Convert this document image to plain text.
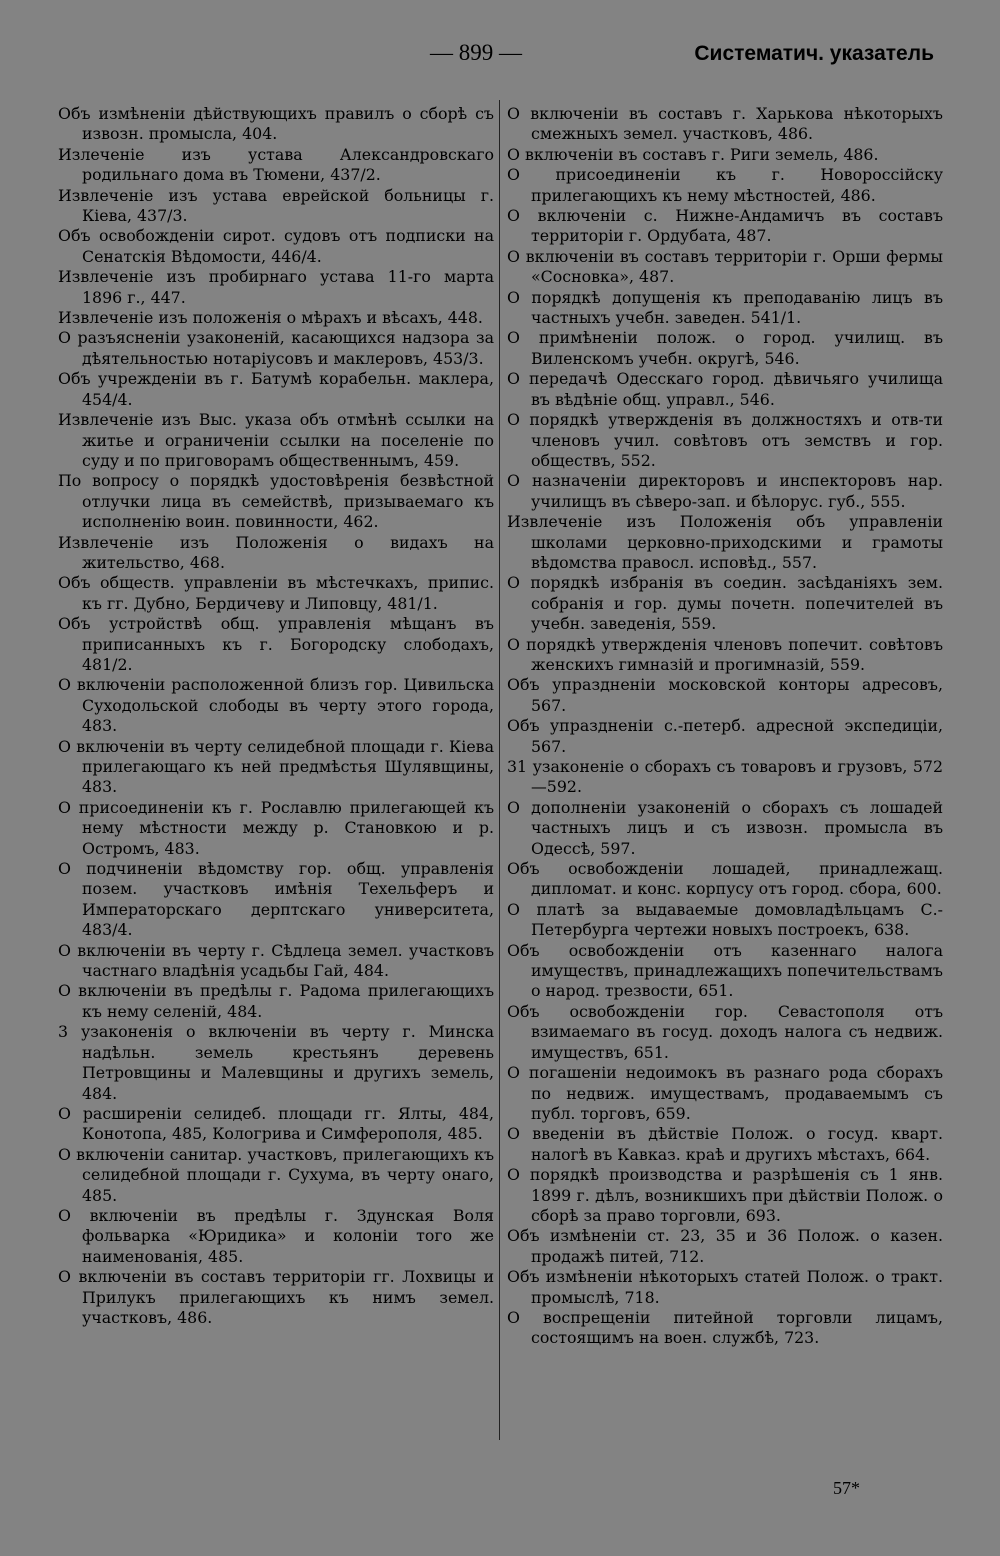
— 899 —	Систематич. указатель
Объ измѣненіи дѣйствующихъ правилъ о сборѣ съ извозн. промысла, 404.
Излеченіе изъ устава Александровскаго родильнаго дома въ Тюмени, 437/2.
Извлеченіе изъ устава еврейской больницы г. Кіева, 437/3.
Объ освобожденіи сирот. судовъ отъ подписки на Сенатскія Вѣдомости, 446/4.
Извлеченіе изъ пробирнаго устава 11-го марта 1896 г., 447.
Извлеченіе изъ положенія о мѣрахъ и вѣсахъ, 448.
О разъясненіи узаконеній, касающихся надзора за дѣятельностью нотаріусовъ и маклеровъ, 453/3.
Объ учрежденіи въ г. Батумѣ корабельн. маклера, 454/4.
Извлеченіе изъ Выс. указа объ отмѣнѣ ссылки на житье и ограниченіи ссылки на поселеніе по суду и по приговорамъ общественнымъ, 459.
По вопросу о порядкѣ удостовѣренія безвѣстной отлучки лица въ семействѣ, призываемаго къ исполненію воин. повинности, 462.
Извлеченіе изъ Положенія о видахъ на жительство, 468.
Объ обществ. управленіи въ мѣстечкахъ, припис. къ гг. Дубно, Бердичеву и Липовцу, 481/1.
Объ устройствѣ общ. управленія мѣщанъ въ приписанныхъ къ г. Богородску слободахъ, 481/2.
О включеніи расположенной близъ гор. Цивильска Суходольской слободы въ черту этого города, 483.
О включеніи въ черту селидебной площади г. Кіева прилегающаго къ ней предмѣстья Шулявщины, 483.
О присоединеніи къ г. Рославлю прилегающей къ нему мѣстности между р. Становкою и р. Остромъ, 483.
О подчиненіи вѣдомству гор. общ. управленія позем. участковъ имѣнія Техельферъ и Императорскаго дерптскаго университета, 483/4.
О включеніи въ черту г. Сѣдлеца земел. участковъ частнаго владѣнія усадьбы Гай, 484.
О включеніи въ предѣлы г. Радома прилегающихъ къ нему селеній, 484.
3 узаконенія о включеніи въ черту г. Минска надѣльн. земель крестьянъ деревень Петровщины и Малевщины и другихъ земель, 484.
О расширеніи селидеб. площади гг. Ялты, 484, Конотопа, 485, Кологрива и Симферополя, 485.
О включеніи санитар. участковъ, прилегающихъ къ селидебной площади г. Сухума, въ черту онаго, 485.
О включеніи въ предѣлы г. Здунская Воля фольварка «Юридика» и колоніи того же наименованія, 485.
О включеніи въ составъ территоріи гг. Лохвицы и Прилукъ прилегающихъ къ нимъ земел. участковъ, 486.
О включеніи въ составъ г. Харькова нѣкоторыхъ смежныхъ земел. участковъ, 486.
О включеніи въ составъ г. Риги земель, 486.
О присоединеніи къ г. Новороссійску прилегающихъ къ нему мѣстностей, 486.
О включеніи с. Нижне-Андамичъ въ составъ территоріи г. Ордубата, 487.
О включеніи въ составъ территоріи г. Орши фермы «Сосновка», 487.
О порядкѣ допущенія къ преподаванію лицъ въ частныхъ учебн. заведен. 541/1.
О примѣненіи полож. о город. училищ. въ Виленскомъ учебн. округѣ, 546.
О передачѣ Одесскаго город. дѣвичьяго училища въ вѣдѣніе общ. управл., 546.
О порядкѣ утвержденія въ должностяхъ и отв-ти членовъ учил. совѣтовъ отъ земствъ и гор. обществъ, 552.
О назначеніи директоровъ и инспекторовъ нар. училищъ въ сѣверо-зап. и бѣлорус. губ., 555.
Извлеченіе изъ Положенія объ управленіи школами церковно-приходскими и грамоты вѣдомства правосл. исповѣд., 557.
О порядкѣ избранія въ соедин. засѣданіяхъ зем. собранія и гор. думы почетн. попечителей въ учебн. заведенія, 559.
О порядкѣ утвержденія членовъ попечит. совѣтовъ женскихъ гимназій и прогимназій, 559.
Объ упраздненіи московской конторы адресовъ, 567.
Объ упраздненіи с.-петерб. адресной экспедиціи, 567.
31 узаконеніе о сборахъ съ товаровъ и грузовъ, 572—592.
О дополненіи узаконеній о сборахъ съ лошадей частныхъ лицъ и съ извозн. промысла въ Одессѣ, 597.
Объ освобожденіи лошадей, принадлежащ. дипломат. и конс. корпусу отъ город. сбора, 600.
О платѣ за выдаваемые домовладѣльцамъ С.-Петербурга чертежи новыхъ построекъ, 638.
Объ освобожденіи отъ казеннаго налога имуществъ, принадлежащихъ попечительствамъ о народ. трезвости, 651.
Объ освобожденіи гор. Севастополя отъ взимаемаго въ госуд. доходъ налога съ недвиж. имуществъ, 651.
О погашеніи недоимокъ въ разнаго рода сборахъ по недвиж. имуществамъ, продаваемымъ съ публ. торговъ, 659.
О введеніи въ дѣйствіе Полож. о госуд. кварт. налогѣ въ Кавказ. краѣ и другихъ мѣстахъ, 664.
О порядкѣ производства и разрѣшенія съ 1 янв. 1899 г. дѣлъ, возникшихъ при дѣйствіи Полож. о сборѣ за право торговли, 693.
Объ измѣненіи ст. 23, 35 и 36 Полож. о казен. продажѣ питей, 712.
Объ измѣненіи нѣкоторыхъ статей Полож. о тракт. промыслѣ, 718.
О воспрещеніи питейной торговли лицамъ, состоящимъ на воен. службѣ, 723.
57*
